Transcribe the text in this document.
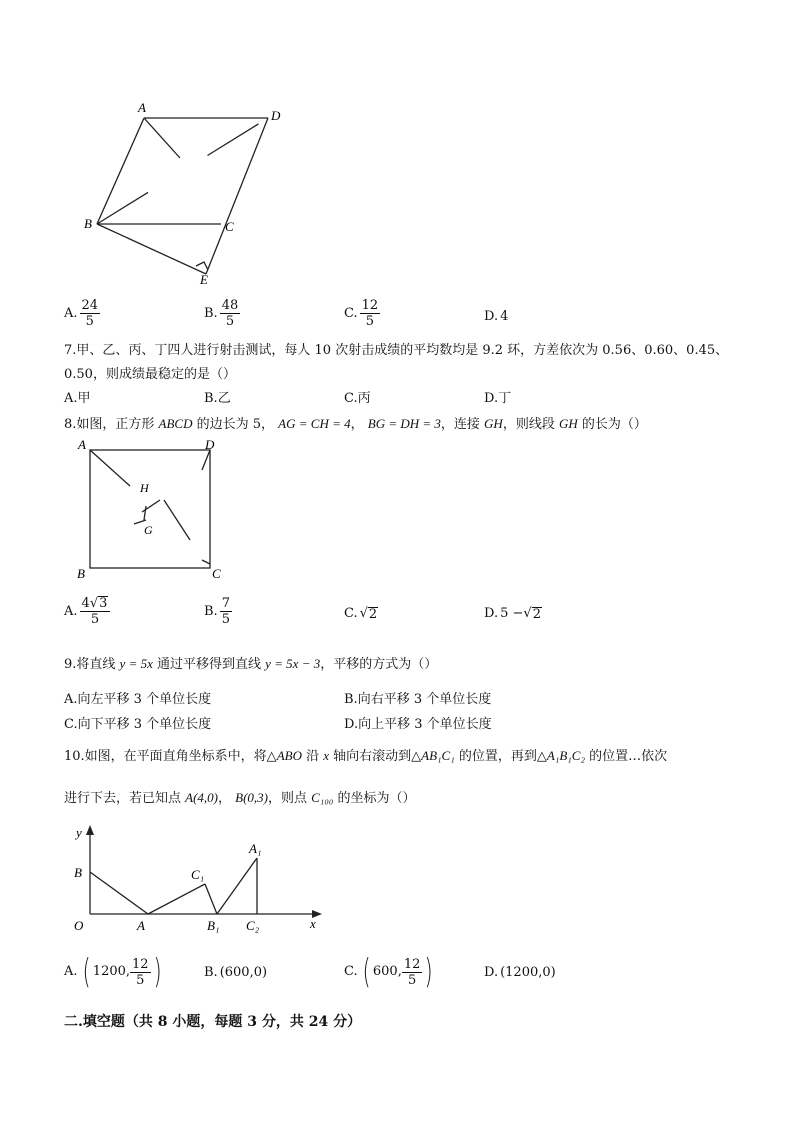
A
D
B	C
E
A. $\frac{24}{5}$	B. $\frac{48}{5}$	C. $\frac{12}{5}$	D. 4
7.甲、乙、丙、丁四人进行射击测试，每人 10 次射击成绩的平均数均是 9.2 环，方差依次为 0.56、0.60、0.45、
0.50，则成绩最稳定的是（）
A. 甲	B. 乙	C. 丙	D. 丁
8.如图，正方形 ABCD 的边长为 5， AG = CH = 4， BG = DH = 3，连接 GH，则线段 GH 的长为（）
A	D
B	C
H
G
A. $\frac{4√3}{5}$	B. $\frac{7}{5}$	C. √ 2	D. 5 − √ 2
9.将直线 y = 5x 通过平移得到直线 y = 5x − 3，平移的方式为（）
A. 向左平移 3 个单位长度	B. 向右平移 3 个单位长度
C. 向下平移 3 个单位长度	D. 向上平移 3 个单位长度
10.如图，在平面直角坐标系中，将△ABO 沿 x 轴向右滚动到△AB₁C₁ 的位置，再到△A₁B₁C₂ 的位置…依次
进行下去，若已知点 A(4,0)， B(0,3)，则点 C₁₀₀ 的坐标为（）
y
x
O
B
A
C₁
B₁
A₁
C₂
A. ( 1200, $\frac{12}{5}$ )	B. (600,0)	C. ( 600, $\frac{12}{5}$ )	D. (1200,0)
二.填空题（共 8 小题，每题 3 分，共 24 分）
